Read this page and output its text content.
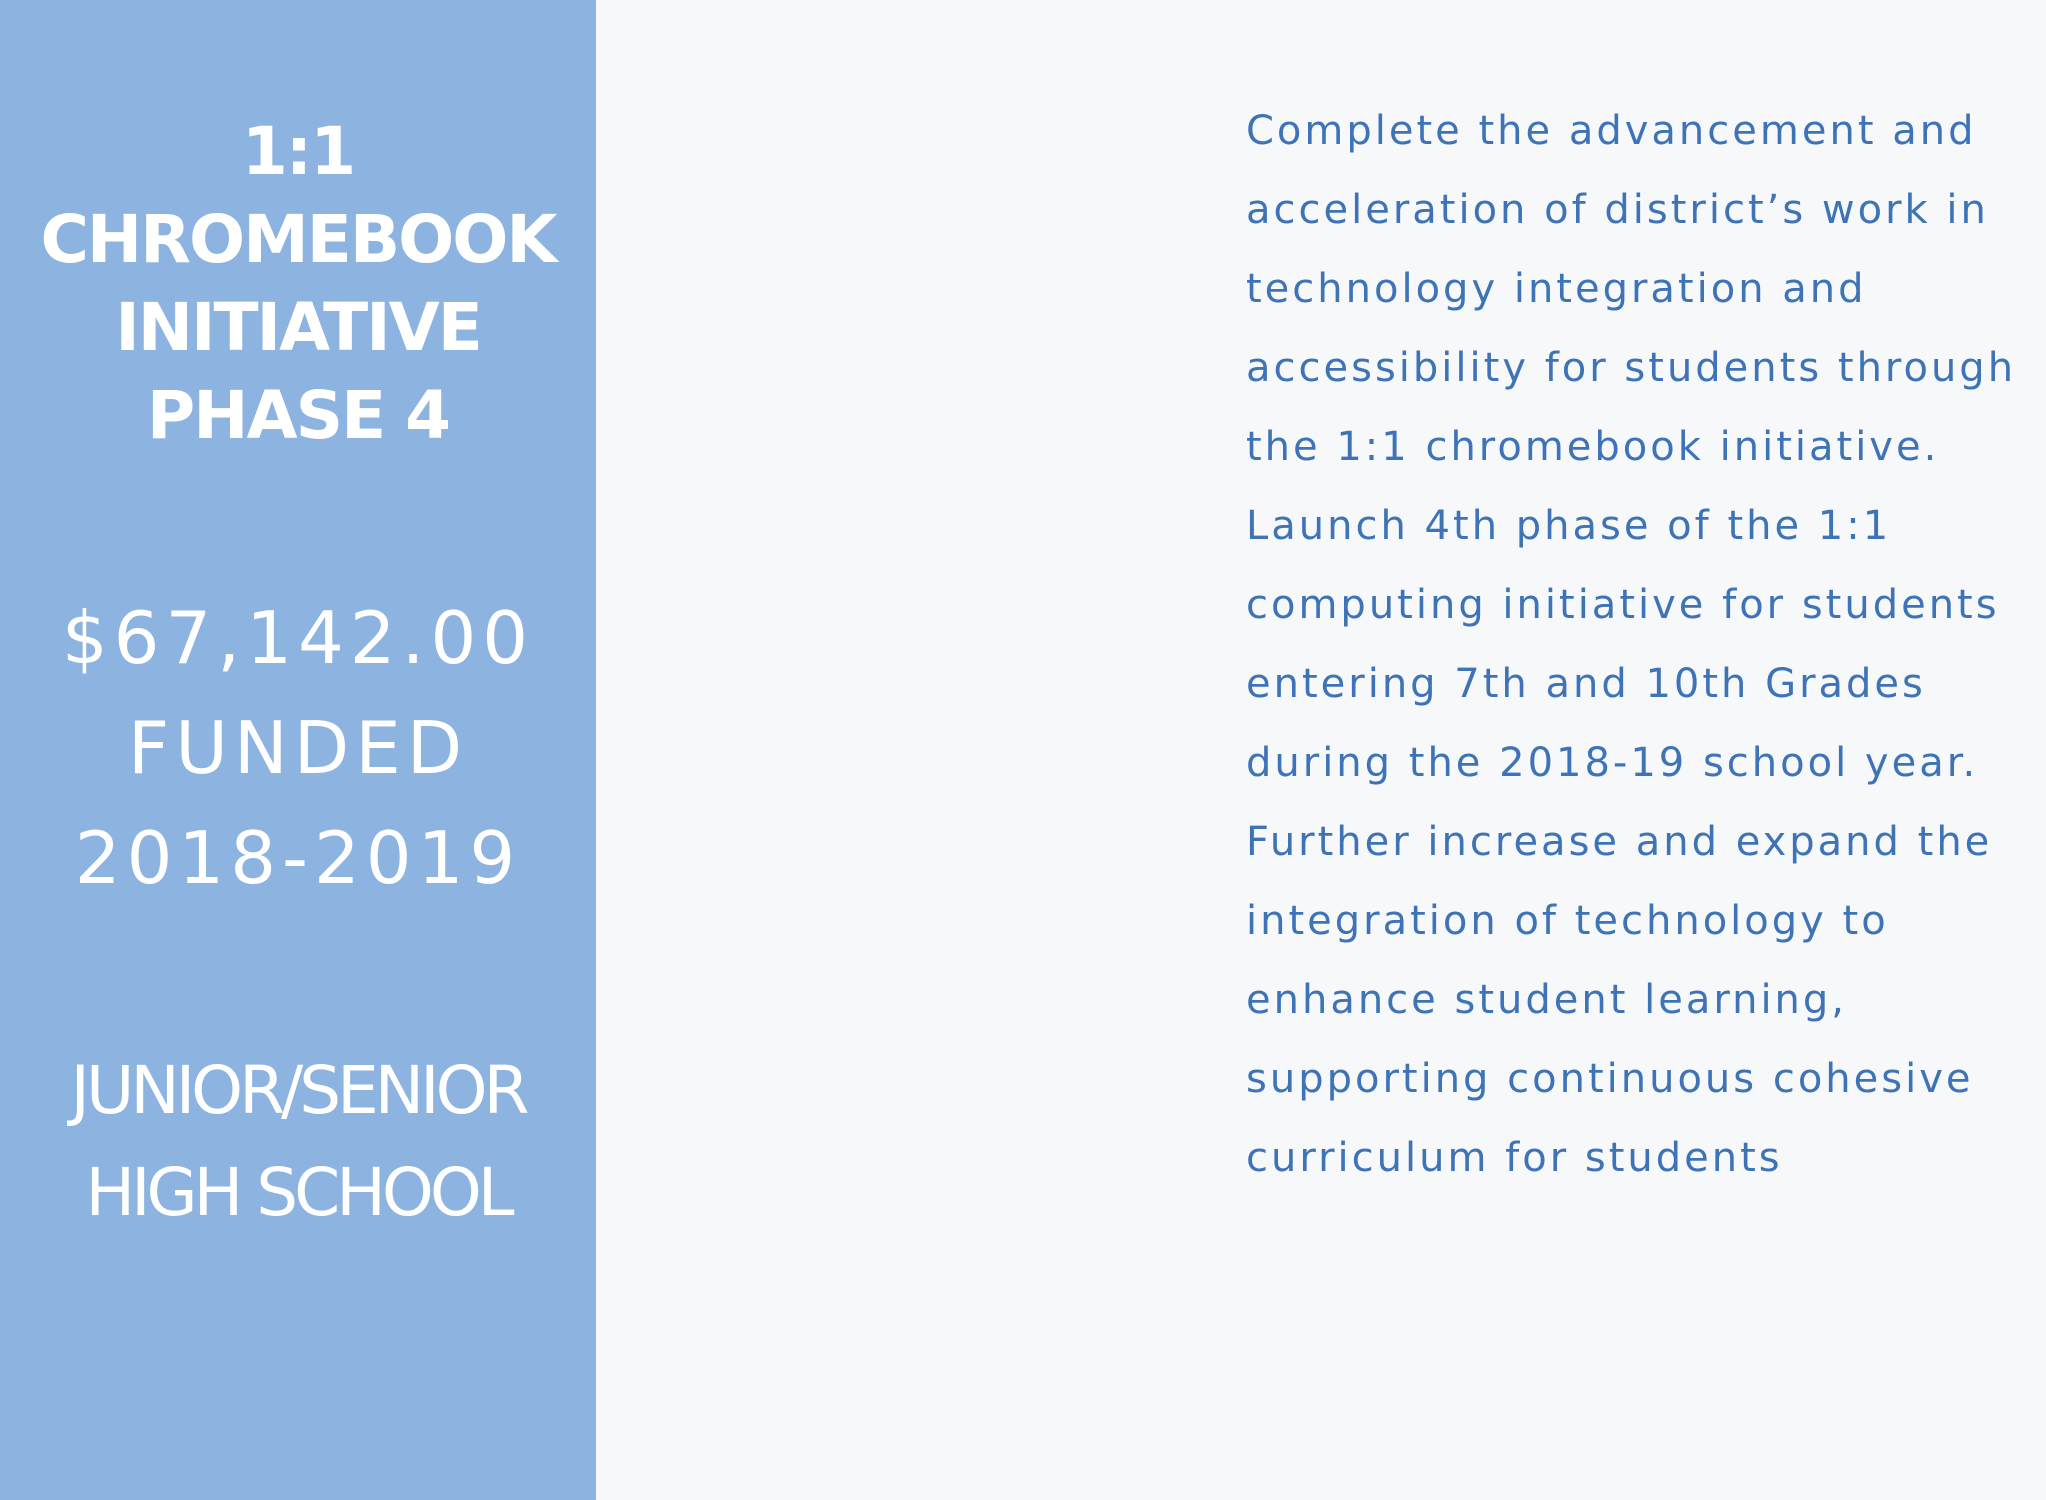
1:1
CHROMEBOOK
INITIATIVE
PHASE 4
$67,142.00
FUNDED
2018-2019
JUNIOR/SENIOR
HIGH SCHOOL

Complete the advancement and
acceleration of district’s work in
technology integration and
accessibility for students through
the 1:1 chromebook initiative.
Launch 4th phase of the 1:1
computing initiative for students
entering 7th and 10th Grades
during the 2018-19 school year.
Further increase and expand the
integration of technology to
enhance student learning,
supporting continuous cohesive
curriculum for students
